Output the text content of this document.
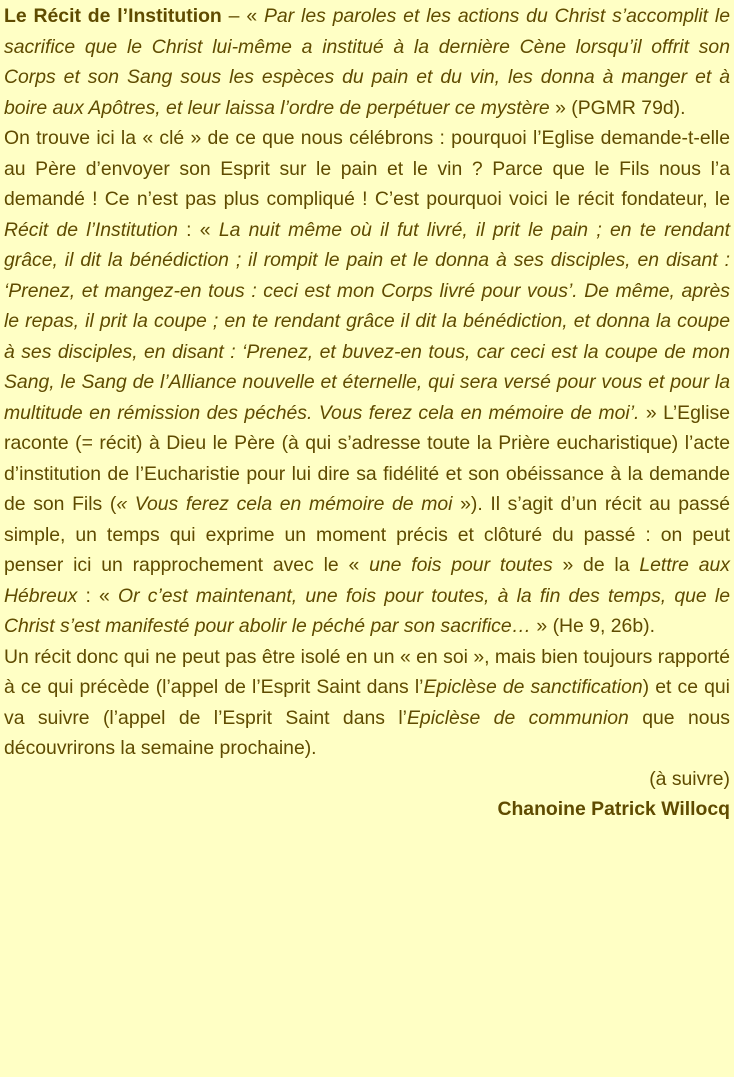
Le Récit de l’Institution – « Par les paroles et les actions du Christ s’accomplit le sacrifice que le Christ lui-même a institué à la dernière Cène lorsqu’il offrit son Corps et son Sang sous les espèces du pain et du vin, les donna à manger et à boire aux Apôtres, et leur laissa l’ordre de perpétuer ce mystère » (PGMR 79d).

On trouve ici la « clé » de ce que nous célébrons : pourquoi l’Eglise demande-t-elle au Père d’envoyer son Esprit sur le pain et le vin ? Parce que le Fils nous l’a demandé ! Ce n’est pas plus compliqué ! C’est pourquoi voici le récit fondateur, le Récit de l’Institution : « La nuit même où il fut livré, il prit le pain ; en te rendant grâce, il dit la bénédiction ; il rompit le pain et le donna à ses disciples, en disant : ‘Prenez, et mangez-en tous : ceci est mon Corps livré pour vous’. De même, après le repas, il prit la coupe ; en te rendant grâce il dit la bénédiction, et donna la coupe à ses disciples, en disant : ‘Prenez, et buvez-en tous, car ceci est la coupe de mon Sang, le Sang de l’Alliance nouvelle et éternelle, qui sera versé pour vous et pour la multitude en rémission des péchés. Vous ferez cela en mémoire de moi’. » L’Eglise raconte (= récit) à Dieu le Père (à qui s’adresse toute la Prière eucharistique) l’acte d’institution de l’Eucharistie pour lui dire sa fidélité et son obéissance à la demande de son Fils (« Vous ferez cela en mémoire de moi »). Il s’agit d’un récit au passé simple, un temps qui exprime un moment précis et clôturé du passé : on peut penser ici un rapprochement avec le « une fois pour toutes » de la Lettre aux Hébreux : « Or c’est maintenant, une fois pour toutes, à la fin des temps, que le Christ s’est manifesté pour abolir le péché par son sacrifice… » (He 9, 26b).

Un récit donc qui ne peut pas être isolé en un « en soi », mais bien toujours rapporté à ce qui précède (l’appel de l’Esprit Saint dans l’Epiclèse de sanctification) et ce qui va suivre (l’appel de l’Esprit Saint dans l’Epiclèse de communion que nous découvrirons la semaine prochaine).

(à suivre)

Chanoine Patrick Willocq
